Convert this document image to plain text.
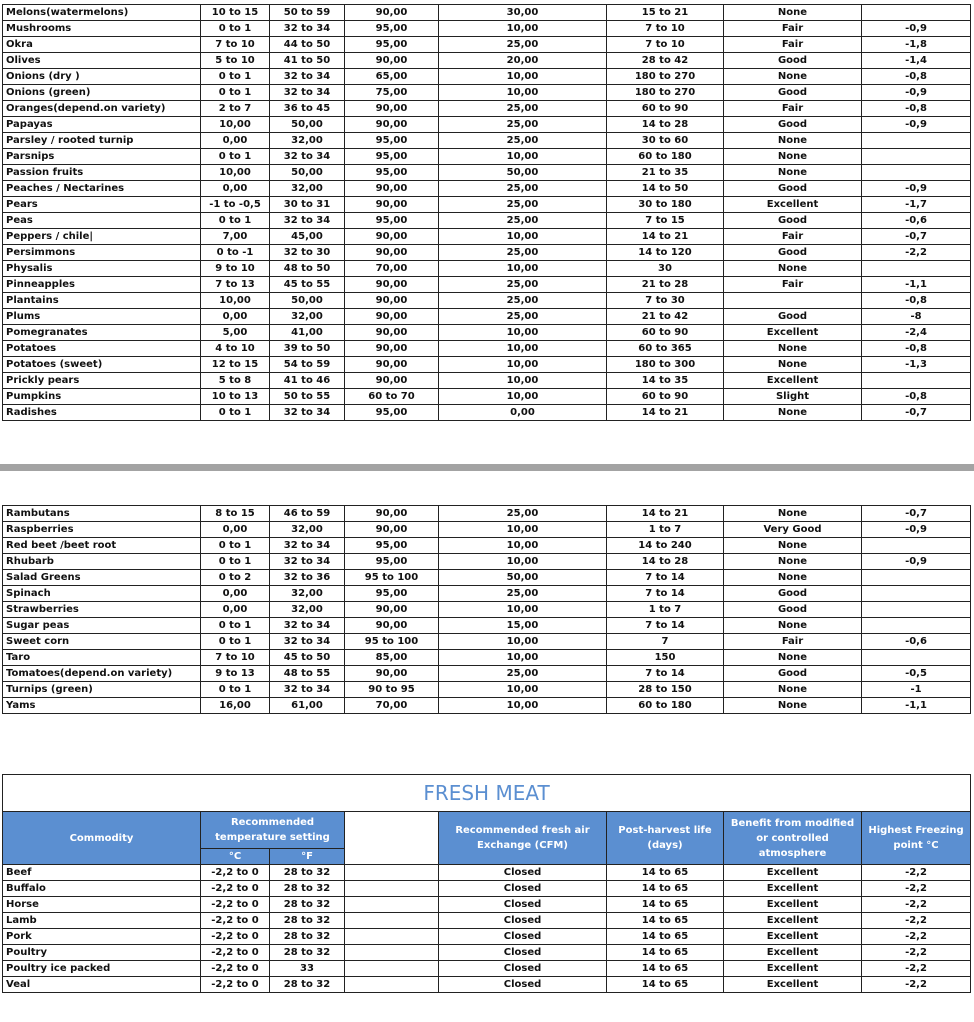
Melons(watermelons)	10 to 15	50 to 59	90,00	30,00	15 to 21	None	
Mushrooms	0 to 1	32 to 34	95,00	10,00	7 to 10	Fair	-0,9
Okra	7 to 10	44 to 50	95,00	25,00	7 to 10	Fair	-1,8
Olives	5 to 10	41 to 50	90,00	20,00	28 to 42	Good	-1,4
Onions (dry )	0 to 1	32 to 34	65,00	10,00	180 to 270	None	-0,8
Onions (green)	0 to 1	32 to 34	75,00	10,00	180 to 270	Good	-0,9
Oranges(depend.on variety)	2 to 7	36 to 45	90,00	25,00	60 to 90	Fair	-0,8
Papayas	10,00	50,00	90,00	25,00	14 to 28	Good	-0,9
Parsley / rooted turnip	0,00	32,00	95,00	25,00	30 to 60	None	
Parsnips	0 to 1	32 to 34	95,00	10,00	60 to 180	None	
Passion fruits	10,00	50,00	95,00	50,00	21 to 35	None	
Peaches / Nectarines	0,00	32,00	90,00	25,00	14 to 50	Good	-0,9
Pears	-1 to -0,5	30 to 31	90,00	25,00	30 to 180	Excellent	-1,7
Peas	0 to 1	32 to 34	95,00	25,00	7 to 15	Good	-0,6
Peppers / chile|	7,00	45,00	90,00	10,00	14 to 21	Fair	-0,7
Persimmons	0 to -1	32 to 30	90,00	25,00	14 to 120	Good	-2,2
Physalis	9 to 10	48 to 50	70,00	10,00	30	None	
Pinneapples	7 to 13	45 to 55	90,00	25,00	21 to 28	Fair	-1,1
Plantains	10,00	50,00	90,00	25,00	7 to 30		-0,8
Plums	0,00	32,00	90,00	25,00	21 to 42	Good	-8
Pomegranates	5,00	41,00	90,00	10,00	60 to 90	Excellent	-2,4
Potatoes	4 to 10	39 to 50	90,00	10,00	60 to 365	None	-0,8
Potatoes (sweet)	12 to 15	54 to 59	90,00	10,00	180 to 300	None	-1,3
Prickly pears	5 to 8	41 to 46	90,00	10,00	14 to 35	Excellent	
Pumpkins	10 to 13	50 to 55	60 to 70	10,00	60 to 90	Slight	-0,8
Radishes	0 to 1	32 to 34	95,00	0,00	14 to 21	None	-0,7
Rambutans	8 to 15	46 to 59	90,00	25,00	14 to 21	None	-0,7
Raspberries	0,00	32,00	90,00	10,00	1 to 7	Very Good	-0,9
Red beet /beet root	0 to 1	32 to 34	95,00	10,00	14 to 240	None	
Rhubarb	0 to 1	32 to 34	95,00	10,00	14 to 28	None	-0,9
Salad Greens	0 to 2	32 to 36	95 to 100	50,00	7 to 14	None	
Spinach	0,00	32,00	95,00	25,00	7 to 14	Good	
Strawberries	0,00	32,00	90,00	10,00	1 to 7	Good	
Sugar peas	0 to 1	32 to 34	90,00	15,00	7 to 14	None	
Sweet corn	0 to 1	32 to 34	95 to 100	10,00	7	Fair	-0,6
Taro	7 to 10	45 to 50	85,00	10,00	150	None	
Tomatoes(depend.on variety)	9 to 13	48 to 55	90,00	25,00	7 to 14	Good	-0,5
Turnips (green)	0 to 1	32 to 34	90 to 95	10,00	28 to 150	None	-1
Yams	16,00	61,00	70,00	10,00	60 to 180	None	-1,1
FRESH MEAT							
Commodity	Recommended temperature setting			Recommended fresh air Exchange (CFM)	Post-harvest life (days)	Benefit from modified or controlled atmosphere	Highest Freezing point °C
	°C	°F					
Beef	-2,2 to 0	28 to 32		Closed	14 to 65	Excellent	-2,2
Buffalo	-2,2 to 0	28 to 32		Closed	14 to 65	Excellent	-2,2
Horse	-2,2 to 0	28 to 32		Closed	14 to 65	Excellent	-2,2
Lamb	-2,2 to 0	28 to 32		Closed	14 to 65	Excellent	-2,2
Pork	-2,2 to 0	28 to 32		Closed	14 to 65	Excellent	-2,2
Poultry	-2,2 to 0	28 to 32		Closed	14 to 65	Excellent	-2,2
Poultry ice packed	-2,2 to 0	33		Closed	14 to 65	Excellent	-2,2
Veal	-2,2 to 0	28 to 32		Closed	14 to 65	Excellent	-2,2
